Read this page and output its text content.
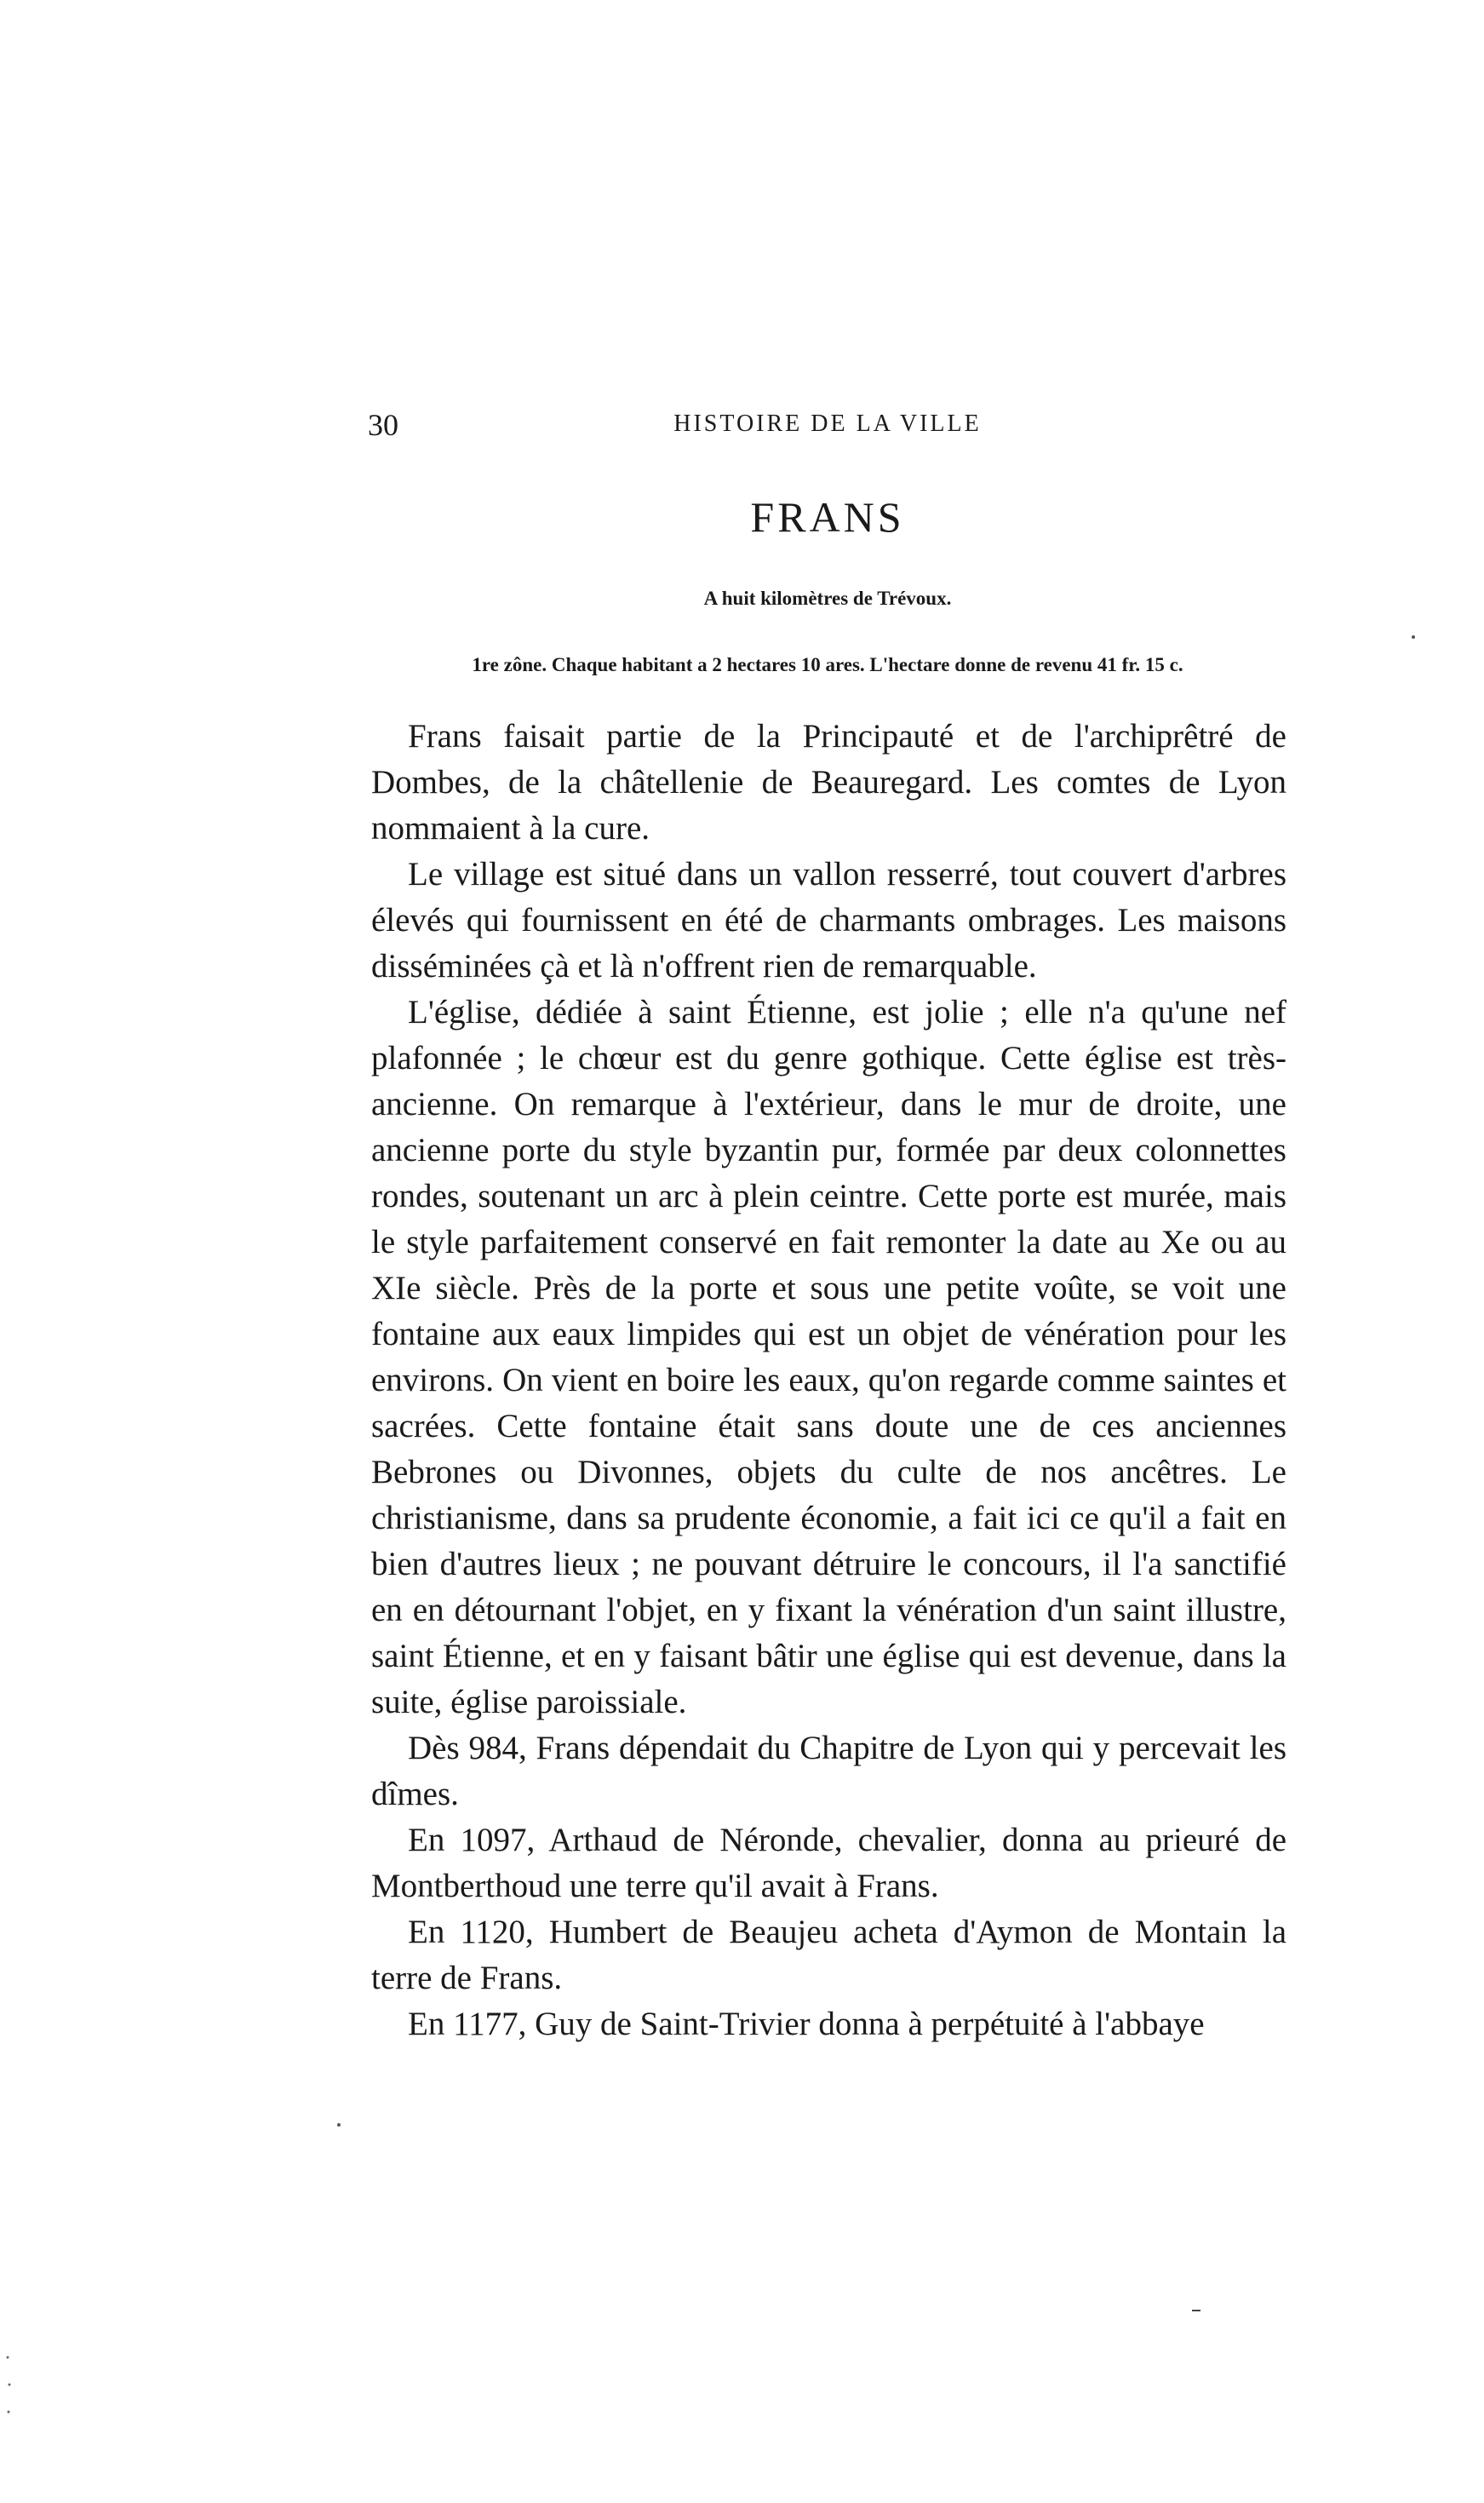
30	HISTOIRE DE LA VILLE
FRANS
A huit kilomètres de Trévoux.
1re zône. Chaque habitant a 2 hectares 10 ares. L'hectare donne de revenu 41 fr. 15 c.

Frans faisait partie de la Principauté et de l'archiprêtré de Dombes, de la châtellenie de Beauregard. Les comtes de Lyon nommaient à la cure.

Le village est situé dans un vallon resserré, tout couvert d'arbres élevés qui fournissent en été de charmants ombrages. Les maisons disséminées çà et là n'offrent rien de remarquable.

L'église, dédiée à saint Étienne, est jolie ; elle n'a qu'une nef plafonnée ; le chœur est du genre gothique. Cette église est très-ancienne. On remarque à l'extérieur, dans le mur de droite, une ancienne porte du style byzantin pur, formée par deux colonnettes rondes, soutenant un arc à plein ceintre. Cette porte est murée, mais le style parfaitement conservé en fait remonter la date au Xe ou au XIe siècle. Près de la porte et sous une petite voûte, se voit une fontaine aux eaux limpides qui est un objet de vénération pour les environs. On vient en boire les eaux, qu'on regarde comme saintes et sacrées. Cette fontaine était sans doute une de ces anciennes Bebrones ou Divonnes, objets du culte de nos ancêtres. Le christianisme, dans sa prudente économie, a fait ici ce qu'il a fait en bien d'autres lieux ; ne pouvant détruire le concours, il l'a sanctifié en en détournant l'objet, en y fixant la vénération d'un saint illustre, saint Étienne, et en y faisant bâtir une église qui est devenue, dans la suite, église paroissiale.

Dès 984, Frans dépendait du Chapitre de Lyon qui y percevait les dîmes.

En 1097, Arthaud de Néronde, chevalier, donna au prieuré de Montberthoud une terre qu'il avait à Frans.

En 1120, Humbert de Beaujeu acheta d'Aymon de Montain la terre de Frans.

En 1177, Guy de Saint-Trivier donna à perpétuité à l'abbaye
